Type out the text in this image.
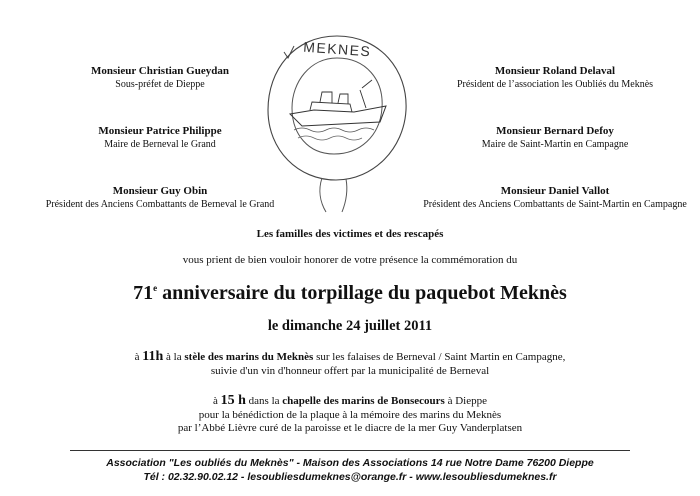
Monsieur Christian Gueydan
Sous-préfet de Dieppe
Monsieur Patrice Philippe
Maire de Berneval le Grand
Monsieur Guy Obin
Président des Anciens Combattants de Berneval le Grand
Monsieur Roland Delaval
Président de l’association les Oubliés du Meknès
Monsieur Bernard Defoy
Maire de Saint-Martin en Campagne
Monsieur Daniel Vallot
Président des Anciens Combattants de Saint-Martin en Campagne
MEKNES
Les familles des victimes et des rescapés
vous prient de bien vouloir honorer de votre présence la commémoration du
71e anniversaire du torpillage du paquebot Meknès
le dimanche 24 juillet 2011
à 11h à la stèle des marins du Meknès sur les falaises de Berneval / Saint Martin en Campagne,
suivie d'un vin d'honneur offert par la municipalité de Berneval
à 15 h dans la chapelle des marins de Bonsecours à Dieppe
pour la bénédiction de la plaque à la mémoire des marins du Meknès
par l’Abbé Lièvre curé de la paroisse et le diacre de la mer Guy Vanderplatsen
Association "Les oubliés du Meknès" - Maison des Associations 14 rue Notre Dame 76200 Dieppe
Tél : 02.32.90.02.12 - lesoubliesdumeknes@orange.fr - www.lesoubliesdumeknes.fr
